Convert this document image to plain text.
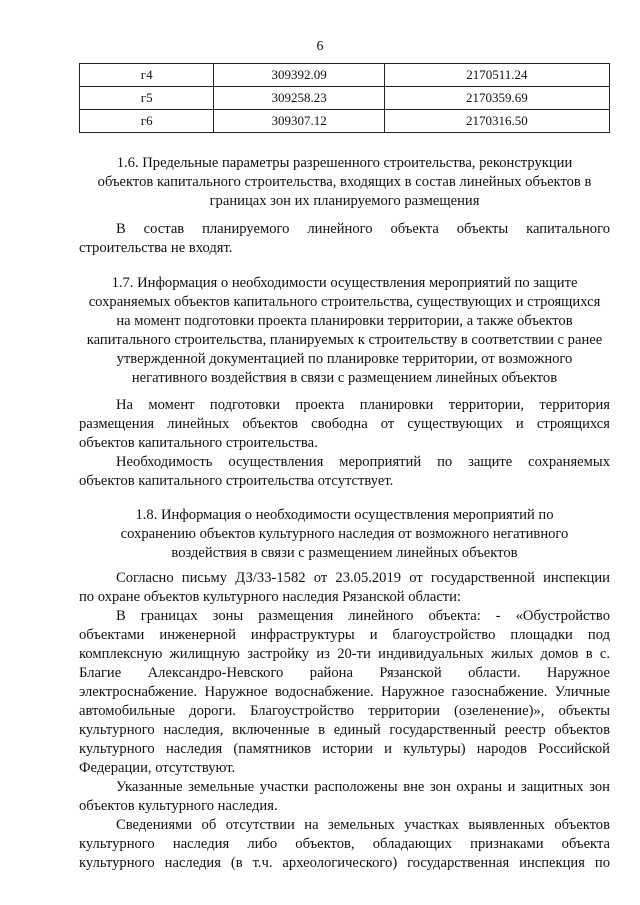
6
г4	309392.09	2170511.24
г5	309258.23	2170359.69
г6	309307.12	2170316.50
1.6. Предельные параметры разрешенного строительства, реконструкции
объектов капитального строительства, входящих в состав линейных объектов в
границах зон их планируемого размещения
В состав планируемого линейного объекта объекты капитального
строительства не входят.
1.7. Информация о необходимости осуществления мероприятий по защите
сохраняемых объектов капитального строительства, существующих и строящихся
на момент подготовки проекта планировки территории, а также объектов
капитального строительства, планируемых к строительству в соответствии с ранее
утвержденной документацией по планировке территории, от возможного
негативного воздействия в связи с размещением линейных объектов
На момент подготовки проекта планировки территории, территория
размещения линейных объектов свободна от существующих и строящихся
объектов капитального строительства.
Необходимость осуществления мероприятий по защите сохраняемых
объектов капитального строительства отсутствует.
1.8. Информация о необходимости осуществления мероприятий по
сохранению объектов культурного наследия от возможного негативного
воздействия в связи с размещением линейных объектов
Согласно письму ДЗ/33-1582 от 23.05.2019 от государственной инспекции
по охране объектов культурного наследия Рязанской области:
В границах зоны размещения линейного объекта: - «Обустройство
объектами инженерной инфраструктуры и благоустройство площадки под
комплексную жилищную застройку из 20-ти индивидуальных жилых домов в с.
Благие Александро-Невского района Рязанской области. Наружное
электроснабжение. Наружное водоснабжение. Наружное газоснабжение. Уличные
автомобильные дороги. Благоустройство территории (озеленение)», объекты
культурного наследия, включенные в единый государственный реестр объектов
культурного наследия (памятников истории и культуры) народов Российской
Федерации, отсутствуют.
Указанные земельные участки расположены вне зон охраны и защитных зон
объектов культурного наследия.
Сведениями об отсутствии на земельных участках выявленных объектов
культурного наследия либо объектов, обладающих признаками объекта
культурного наследия (в т.ч. археологического) государственная инспекция по
